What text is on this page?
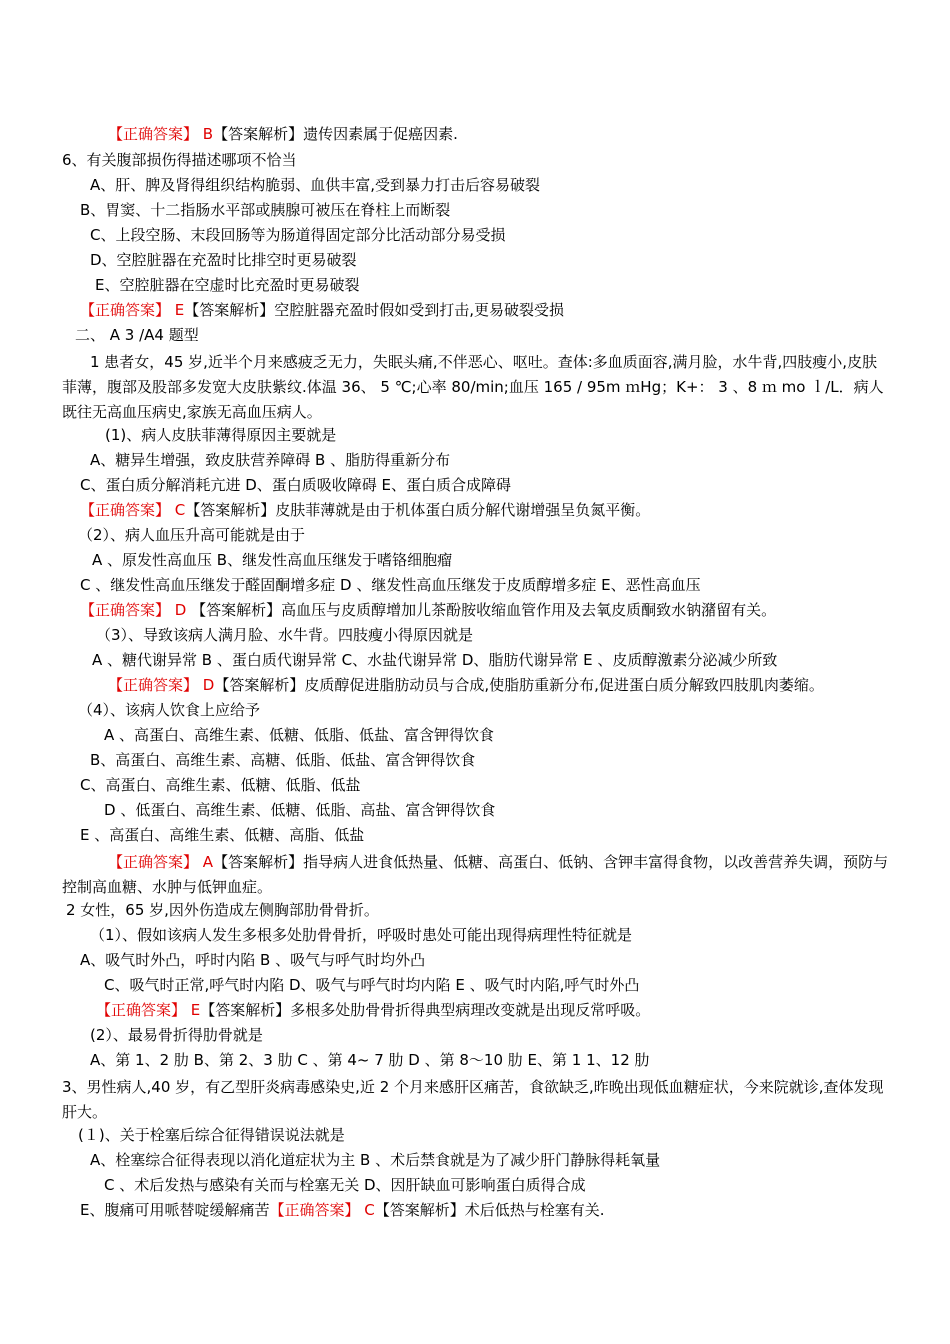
【正确答案】 B【答案解析】遗传因素属于促癌因素.
6、有关腹部损伤得描述哪项不恰当
A、肝、脾及肾得组织结构脆弱、血供丰富,受到暴力打击后容易破裂
B、胃窦、十二指肠水平部或胰腺可被压在脊柱上而断裂
C、上段空肠、末段回肠等为肠道得固定部分比活动部分易受损
D、空腔脏器在充盈时比排空时更易破裂
E、空腔脏器在空虚时比充盈时更易破裂
【正确答案】 E【答案解析】空腔脏器充盈时假如受到打击,更易破裂受损
二、 A 3 /A4 题型
1 患者女，45 岁,近半个月来感疲乏无力，失眠头痛,不伴恶心、呕吐。查体:多血质面容,满月脸，水牛背,四肢瘦小,皮肤菲薄，腹部及股部多发宽大皮肤紫纹.体温 36、 5 ℃;心率 80/min;血压 165 / 95m ｍHg；K+： 3 、8 ｍ mo ｌ/L．病人既往无高血压病史,家族无高血压病人。
(1)、病人皮肤菲薄得原因主要就是
A、糖异生增强，致皮肤营养障碍 B 、脂肪得重新分布
C、蛋白质分解消耗亢进 D、蛋白质吸收障碍 E、蛋白质合成障碍
【正确答案】 C【答案解析】皮肤菲薄就是由于机体蛋白质分解代谢增强呈负氮平衡。
（2）、病人血压升高可能就是由于
A 、原发性高血压 B、继发性高血压继发于嗜铬细胞瘤
C 、继发性高血压继发于醛固酮增多症 D 、继发性高血压继发于皮质醇增多症 E、恶性高血压
【正确答案】 D 【答案解析】高血压与皮质醇增加儿茶酚胺收缩血管作用及去氧皮质酮致水钠潴留有关。
（3）、导致该病人满月脸、水牛背。四肢瘦小得原因就是
A 、糖代谢异常 B 、蛋白质代谢异常 C、水盐代谢异常 D、脂肪代谢异常 E 、皮质醇激素分泌减少所致
【正确答案】 D【答案解析】皮质醇促进脂肪动员与合成,使脂肪重新分布,促进蛋白质分解致四肢肌肉萎缩。
（4）、该病人饮食上应给予
A 、高蛋白、高维生素、低糖、低脂、低盐、富含钾得饮食
B、高蛋白、高维生素、高糖、低脂、低盐、富含钾得饮食
C、高蛋白、高维生素、低糖、低脂、低盐
D 、低蛋白、高维生素、低糖、低脂、高盐、富含钾得饮食
E 、高蛋白、高维生素、低糖、高脂、低盐
【正确答案】 A【答案解析】指导病人进食低热量、低糖、高蛋白、低钠、含钾丰富得食物，以改善营养失调，预防与控制高血糖、水肿与低钾血症。
2 女性，65 岁,因外伤造成左侧胸部肋骨骨折。
（1）、假如该病人发生多根多处肋骨骨折，呼吸时患处可能出现得病理性特征就是
A、吸气时外凸，呼时内陷 B 、吸气与呼气时均外凸
C、吸气时正常,呼气时内陷 D、吸气与呼气时均内陷 E 、吸气时内陷,呼气时外凸
【正确答案】 E【答案解析】多根多处肋骨骨折得典型病理改变就是出现反常呼吸。
(2）、最易骨折得肋骨就是
A、第 1、2 肋 B、第 2、3 肋 C 、第 4~ 7 肋 D 、第 8～10 肋 E、第 1 1、12 肋
3、男性病人,40 岁，有乙型肝炎病毒感染史,近 2 个月来感肝区痛苦，食欲缺乏,昨晚出现低血糖症状，今来院就诊,查体发现肝大。
(１)、关于栓塞后综合征得错误说法就是
A、栓塞综合征得表现以消化道症状为主 B 、术后禁食就是为了减少肝门静脉得耗氧量
C 、术后发热与感染有关而与栓塞无关 D、因肝缺血可影响蛋白质得合成
E、腹痛可用哌替啶缓解痛苦【正确答案】 C【答案解析】术后低热与栓塞有关.
